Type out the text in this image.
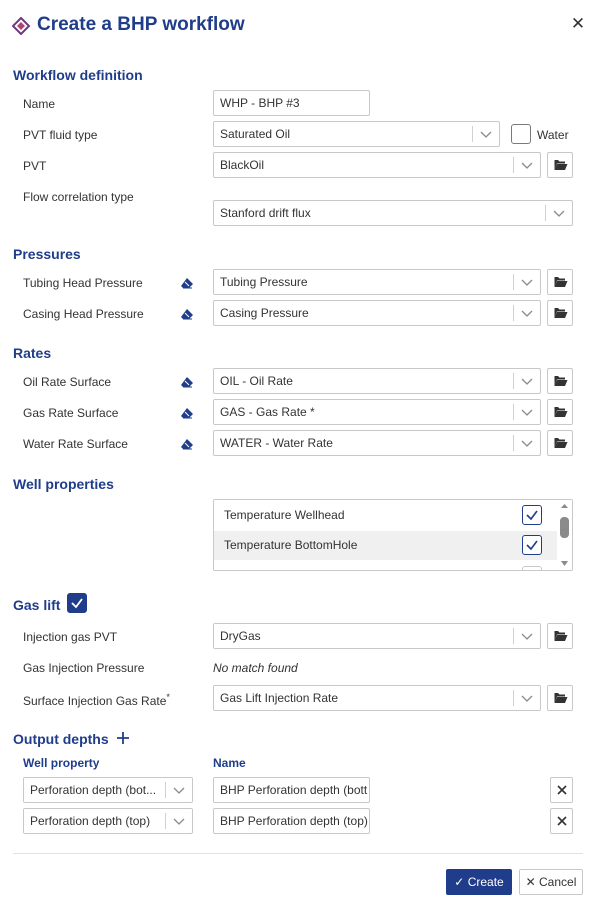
Create a BHP workflow	✕
Workflow definition
Name	WHP - BHP #3
PVT fluid type	Saturated Oil	Water
PVT	BlackOil
Flow correlation type
Stanford drift flux
Pressures
Tubing Head Pressure	Tubing Pressure
Casing Head Pressure	Casing Pressure
Rates
Oil Rate Surface	OIL - Oil Rate
Gas Rate Surface	GAS - Gas Rate *
Water Rate Surface	WATER - Water Rate
Well properties
Temperature Wellhead
Temperature BottomHole
Gas lift
Injection gas PVT	DryGas
Gas Injection Pressure	No match found
Surface Injection Gas Rate*	Gas Lift Injection Rate
Output depths
Well property	Name
Perforation depth (bot...	BHP Perforation depth (bott
Perforation depth (top)	BHP Perforation depth (top)
✓ Create	✕ Cancel
